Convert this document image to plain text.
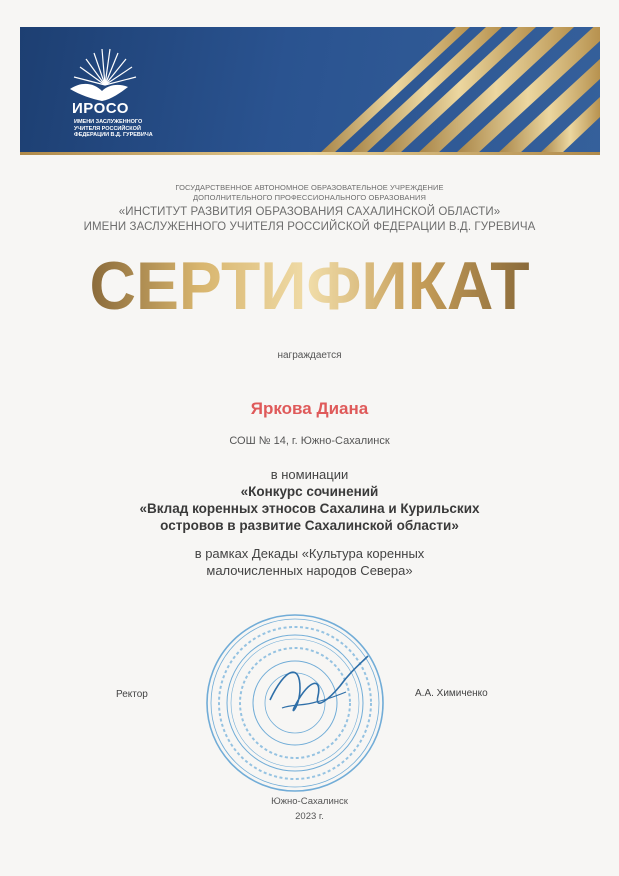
ИРОСО
ИМЕНИ ЗАСЛУЖЕННОГО УЧИТЕЛЯ РОССИЙСКОЙ ФЕДЕРАЦИИ В.Д. ГУРЕВИЧА
ГОСУДАРСТВЕННОЕ АВТОНОМНОЕ ОБРАЗОВАТЕЛЬНОЕ УЧРЕЖДЕНИЕ
ДОПОЛНИТЕЛЬНОГО ПРОФЕССИОНАЛЬНОГО ОБРАЗОВАНИЯ
«ИНСТИТУТ РАЗВИТИЯ ОБРАЗОВАНИЯ САХАЛИНСКОЙ ОБЛАСТИ»
ИМЕНИ ЗАСЛУЖЕННОГО УЧИТЕЛЯ РОССИЙСКОЙ ФЕДЕРАЦИИ В.Д. ГУРЕВИЧА
СЕРТИФИКАТ
награждается
Яркова Диана
СОШ № 14, г. Южно-Сахалинск
в номинации
«Конкурс сочинений
«Вклад коренных этносов Сахалина и Курильских
островов в развитие Сахалинской области»
в рамках Декады «Культура коренных
малочисленных народов Севера»
Ректор	А.А. Химиченко
Южно-Сахалинск
2023 г.
